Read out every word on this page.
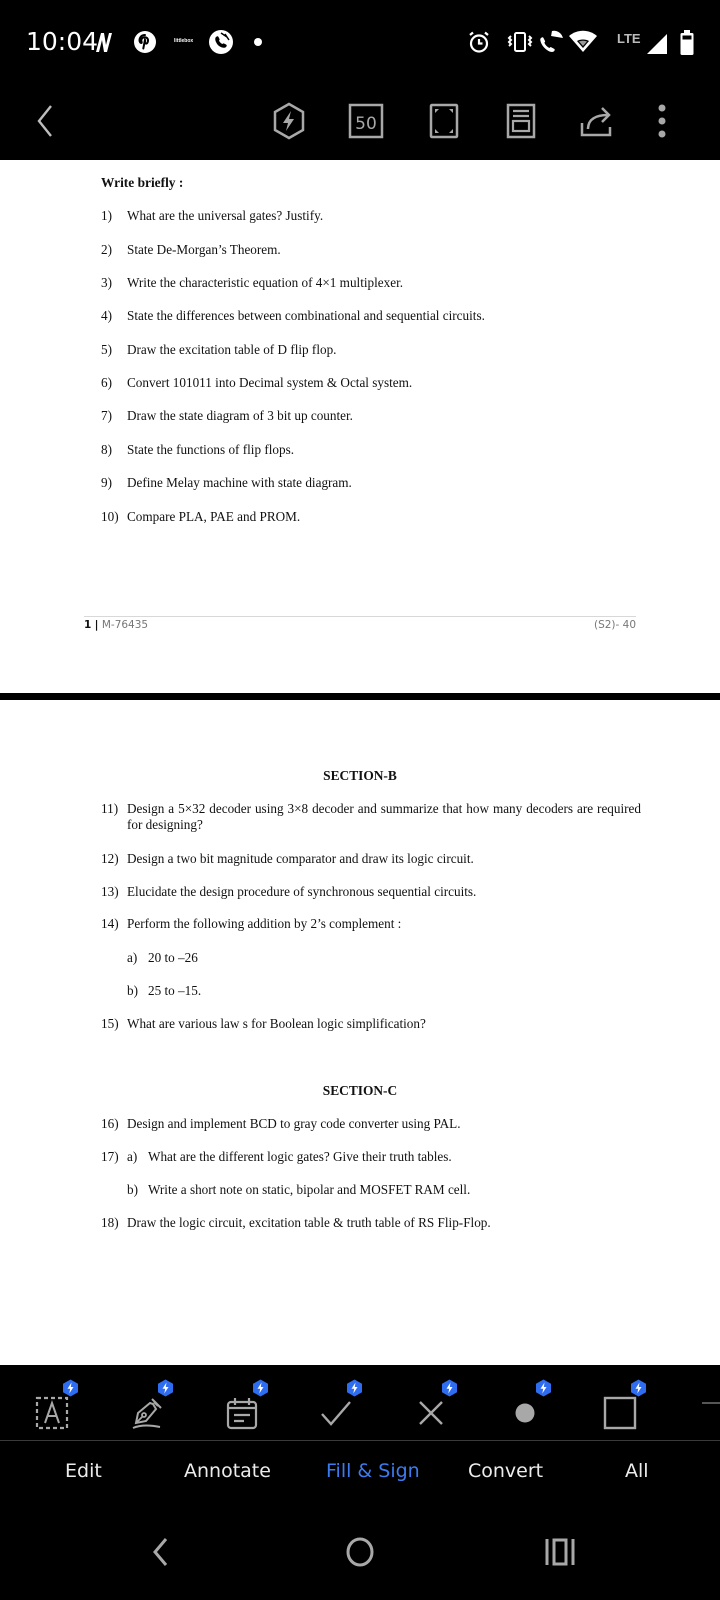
10:04	littlebox	LTE
50
Write briefly :
1)	What are the universal gates? Justify.
2)	State De-Morgan’s Theorem.
3)	Write the characteristic equation of 4×1 multiplexer.
4)	State the differences between combinational and sequential circuits.
5)	Draw the excitation table of D flip flop.
6)	Convert 101011 into Decimal system & Octal system.
7)	Draw the state diagram of 3 bit up counter.
8)	State the functions of flip flops.
9)	Define Melay machine with state diagram.
10) Compare PLA, PAE and PROM.
1 | M-76435	(S2)- 40
SECTION-B
11) Design a 5×32 decoder using 3×8 decoder and summarize that how many decoders are required for designing?
12) Design a two bit magnitude comparator and draw its logic circuit.
13) Elucidate the design procedure of synchronous sequential circuits.
14) Perform the following addition by 2’s complement :
a) 20 to –26
b) 25 to –15.
15) What are various law s for Boolean logic simplification?
SECTION-C
16) Design and implement BCD to gray code converter using PAL.
17) a) What are the different logic gates? Give their truth tables.
b) Write a short note on static, bipolar and MOSFET RAM cell.
18) Draw the logic circuit, excitation table & truth table of RS Flip-Flop.
Edit	Annotate	Fill & Sign	Convert	All
